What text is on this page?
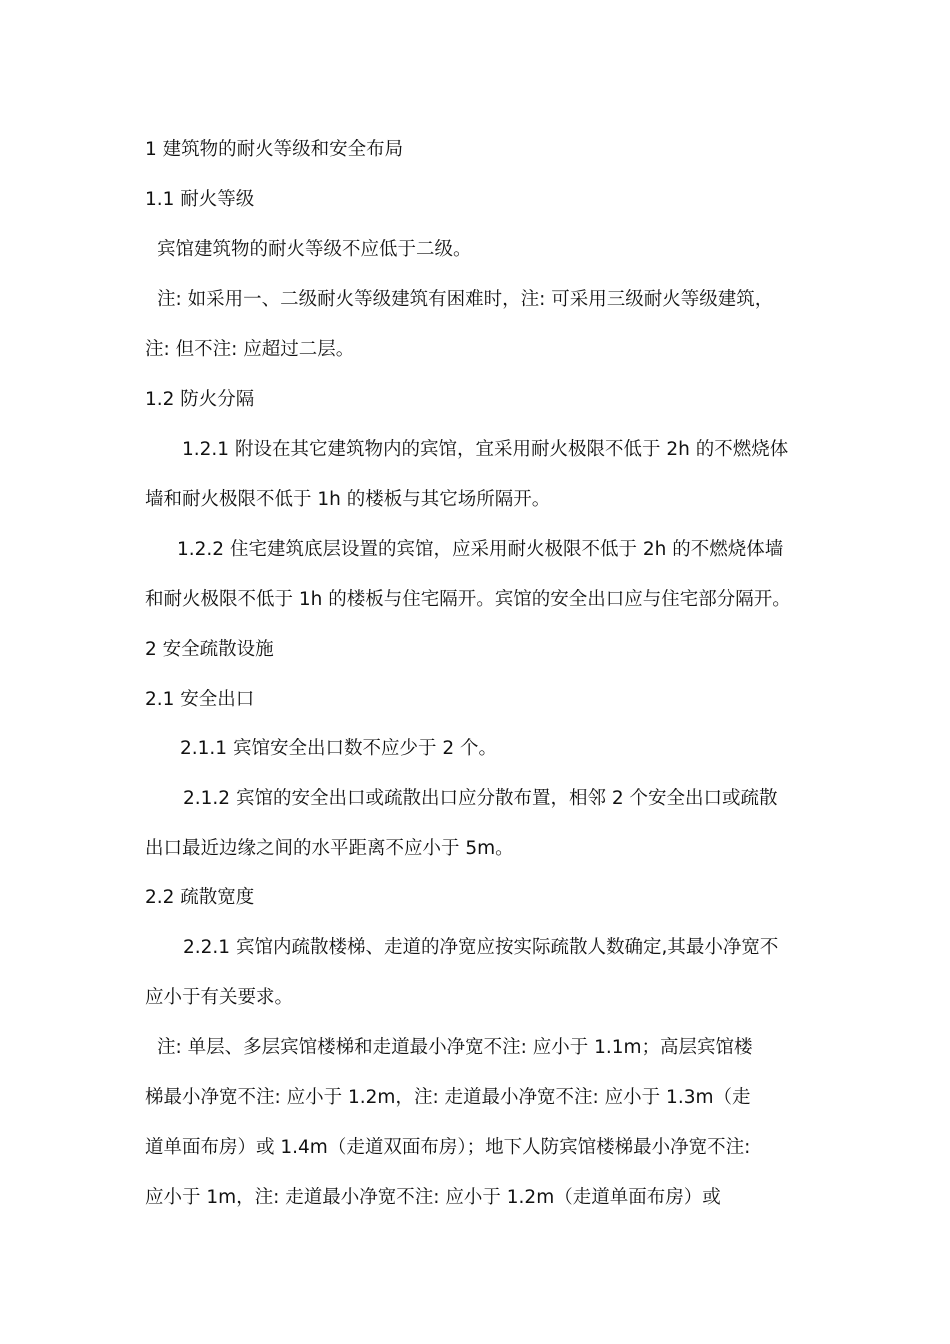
1 建筑物的耐火等级和安全布局
1.1 耐火等级
宾馆建筑物的耐火等级不应低于二级。
注: 如采用一、二级耐火等级建筑有困难时，注: 可采用三级耐火等级建筑，
注: 但不注: 应超过二层。
1.2 防火分隔
1.2.1 附设在其它建筑物内的宾馆，宜采用耐火极限不低于 2h 的不燃烧体
墙和耐火极限不低于 1h 的楼板与其它场所隔开。
1.2.2 住宅建筑底层设置的宾馆，应采用耐火极限不低于 2h 的不燃烧体墙
和耐火极限不低于 1h 的楼板与住宅隔开。宾馆的安全出口应与住宅部分隔开。
2 安全疏散设施
2.1 安全出口
2.1.1 宾馆安全出口数不应少于 2 个。
2.1.2 宾馆的安全出口或疏散出口应分散布置，相邻 2 个安全出口或疏散
出口最近边缘之间的水平距离不应小于 5m。
2.2 疏散宽度
2.2.1 宾馆内疏散楼梯、走道的净宽应按实际疏散人数确定,其最小净宽不
应小于有关要求。
注: 单层、多层宾馆楼梯和走道最小净宽不注: 应小于 1.1m；高层宾馆楼
梯最小净宽不注: 应小于 1.2m，注: 走道最小净宽不注: 应小于 1.3m（走
道单面布房）或 1.4m（走道双面布房）；地下人防宾馆楼梯最小净宽不注:
应小于 1m，注: 走道最小净宽不注: 应小于 1.2m（走道单面布房）或
